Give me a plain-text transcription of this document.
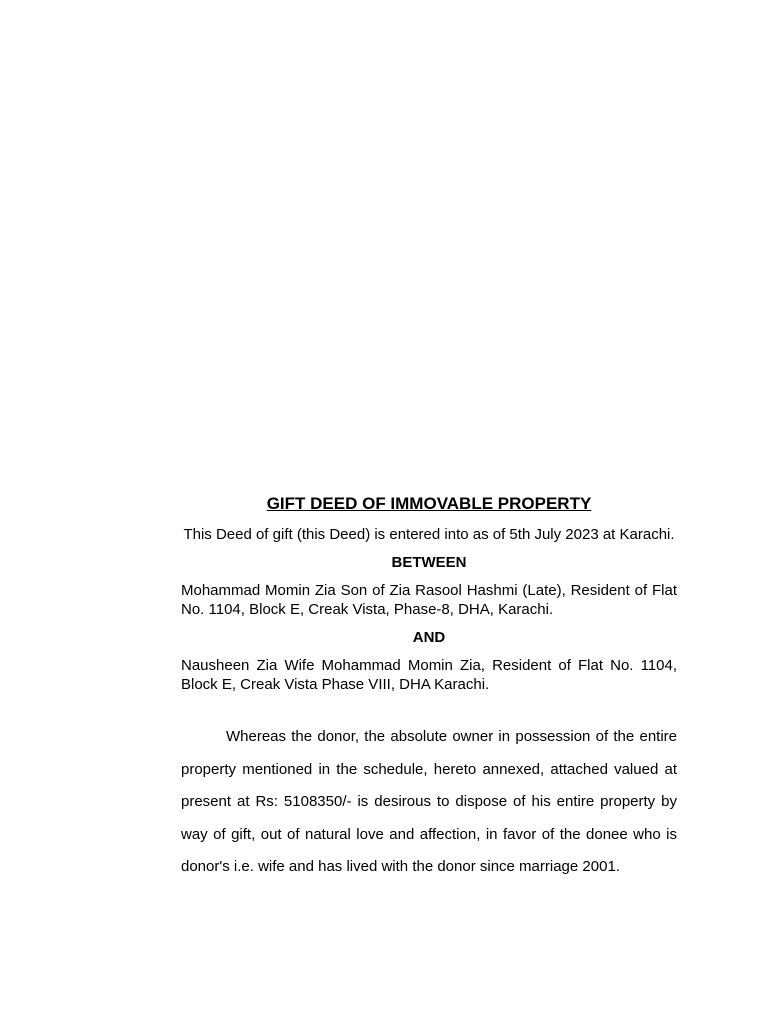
GIFT DEED OF IMMOVABLE PROPERTY

This Deed of gift (this Deed) is entered into as of 5th July 2023 at Karachi.

BETWEEN

Mohammad Momin Zia Son of Zia Rasool Hashmi (Late), Resident of Flat No. 1104, Block E, Creak Vista, Phase-8, DHA, Karachi.

AND

Nausheen Zia Wife Mohammad Momin Zia, Resident of Flat No. 1104, Block E, Creak Vista Phase VIII, DHA Karachi.

Whereas the donor, the absolute owner in possession of the entire property mentioned in the schedule, hereto annexed, attached valued at present at Rs: 5108350/- is desirous to dispose of his entire property by way of gift, out of natural love and affection, in favor of the donee who is donor's i.e. wife and has lived with the donor since marriage 2001.
